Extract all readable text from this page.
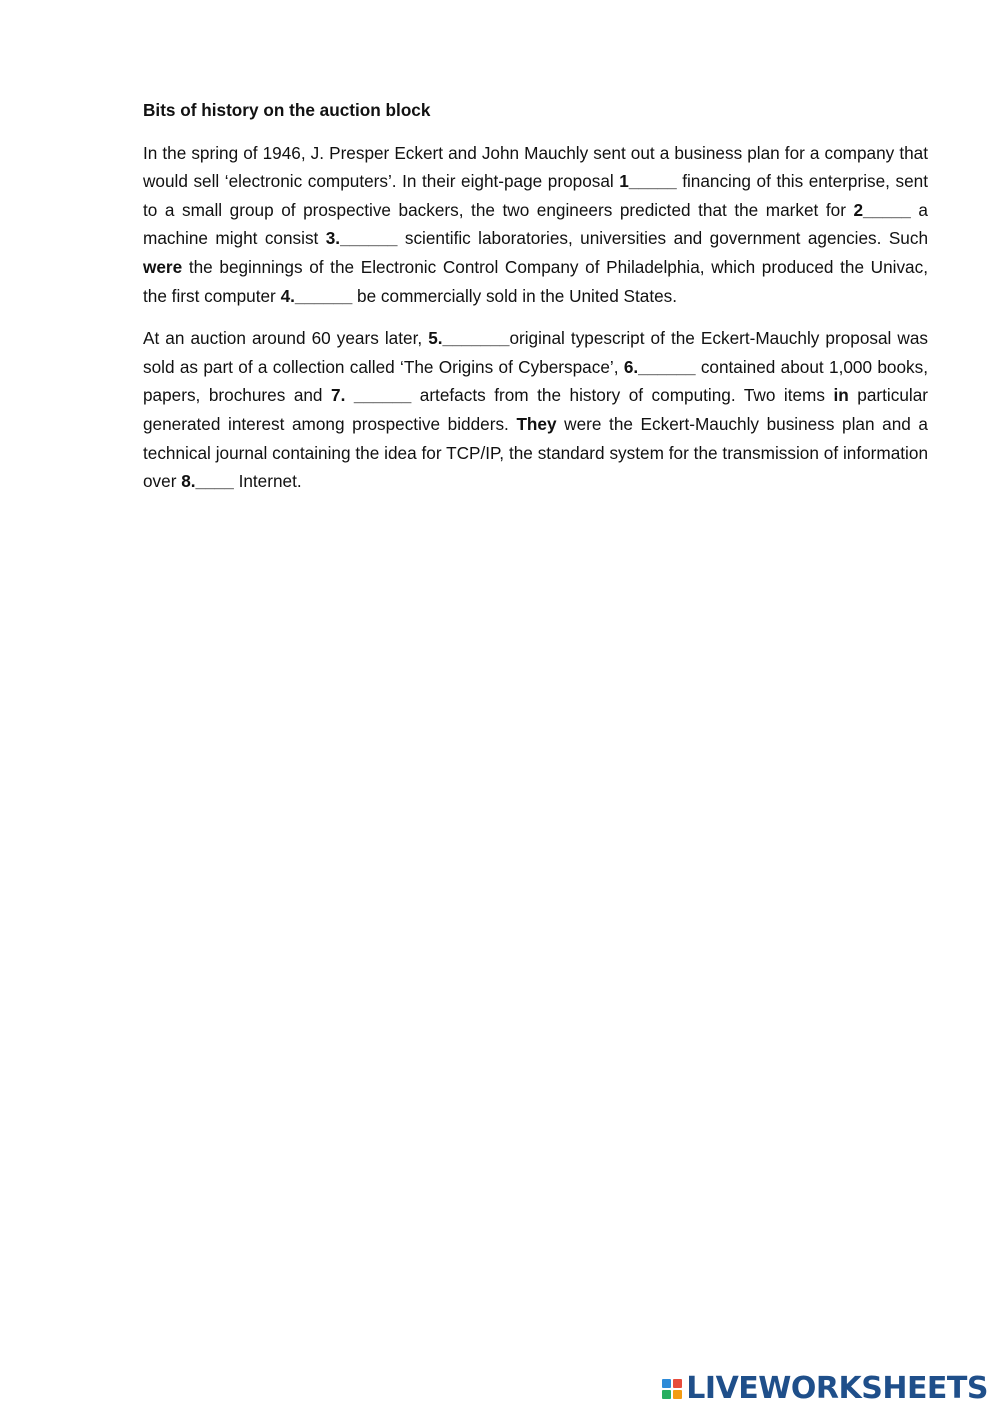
Bits of history on the auction block

In the spring of 1946, J. Presper Eckert and John Mauchly sent out a business plan for a company that would sell ‘electronic computers’. In their eight-page proposal 1_____ financing of this enterprise, sent to a small group of prospective backers, the two engineers predicted that the market for 2_____ a machine might consist 3.______ scientific laboratories, universities and government agencies. Such were the beginnings of the Electronic Control Company of Philadelphia, which produced the Univac, the first computer 4.______ be commercially sold in the United States.

At an auction around 60 years later, 5._______original typescript of the Eckert-Mauchly proposal was sold as part of a collection called ‘The Origins of Cyberspace’, 6.______ contained about 1,000 books, papers, brochures and 7. ______ artefacts from the history of computing. Two items in particular generated interest among prospective bidders. They were the Eckert-Mauchly business plan and a technical journal containing the idea for TCP/IP, the standard system for the transmission of information over 8.____ Internet.

LIVEWORKSHEETS
